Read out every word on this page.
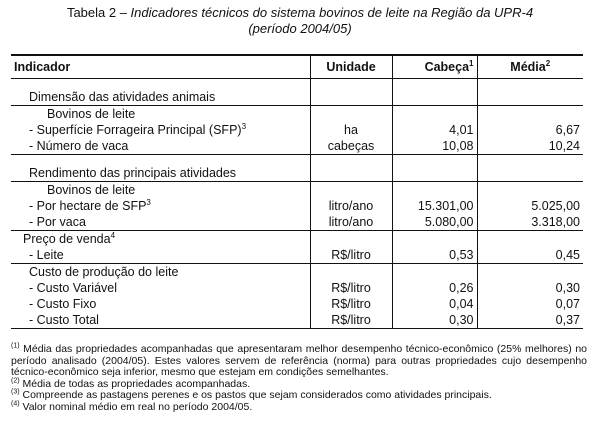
Tabela 2 – Indicadores técnicos do sistema bovinos de leite na Região da UPR-4
(período 2004/05)
Indicador	Unidade	Cabeça$^1$	Média$^2$

Dimensão das atividades animais			
Bovinos de leite			
- Superfície Forrageira Principal (SFP)$^3$	ha	4,01	6,67
- Número de vaca	cabeças	10,08	10,24

Rendimento das principais atividades			
Bovinos de leite			
- Por hectare de SFP$^3$	litro/ano	15.301,00	5.025,00
- Por vaca	litro/ano	5.080,00	3.318,00
Preço de venda$^4$			
- Leite	R$/litro	0,53	0,45
Custo de produção do leite			
- Custo Variável	R$/litro	0,26	0,30
- Custo Fixo	R$/litro	0,04	0,07
- Custo Total	R$/litro	0,30	0,37

$^{(1)}$ Média das propriedades acompanhadas que apresentaram melhor desempenho técnico-econômico (25% melhores) no período analisado (2004/05). Estes valores servem de referência (norma) para outras propriedades cujo desempenho técnico-econômico seja inferior, mesmo que estejam em condições semelhantes.

$^{(2)}$ Média de todas as propriedades acompanhadas.

$^{(3)}$ Compreende as pastagens perenes e os pastos que sejam considerados como atividades principais.

$^{(4)}$ Valor nominal médio em real no período 2004/05.
